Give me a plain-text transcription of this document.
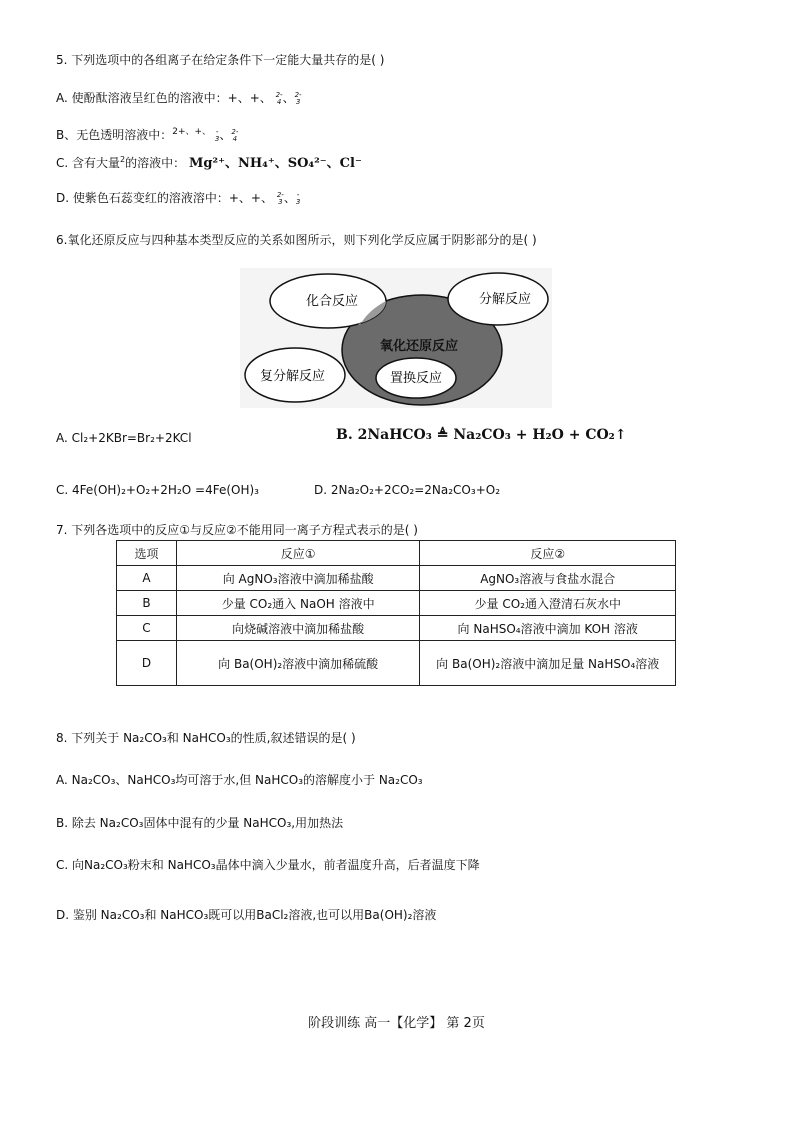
5. 下列选项中的各组离子在给定条件下一定能大量共存的是( )
A. 使酚酞溶液呈红色的溶液中：+、+、 2-
4 、 2-
3
B、无色透明溶液中：$^{2+、+、}$ -
3 、 2-
4
C. 含有大量$^2$的溶液中： Mg²⁺、NH₄⁺、SO₄²⁻、Cl⁻
D. 使紫色石蕊变红的溶液溶中：+、+、 2-
3 、 -
3
6.氧化还原反应与四种基本类型反应的关系如图所示，则下列化学反应属于阴影部分的是( )
化合反应	分解反应
氧化还原反应
置换反应
复分解反应
A. Cl₂+2KBr=Br₂+2KCl	B. 2NaHCO₃ ≜ Na₂CO₃ + H₂O + CO₂↑
C. 4Fe(OH)₂+O₂+2H₂O =4Fe(OH)₃	D. 2Na₂O₂+2CO₂=2Na₂CO₃+O₂
7. 下列各选项中的反应①与反应②不能用同一离子方程式表示的是( )
选项	反应①	反应②
A	向 AgNO₃溶液中滴加稀盐酸	AgNO₃溶液与食盐水混合
B	少量 CO₂通入 NaOH 溶液中	少量 CO₂通入澄清石灰水中
C	向烧碱溶液中滴加稀盐酸	向 NaHSO₄溶液中滴加 KOH 溶液
D	向 Ba(OH)₂溶液中滴加稀硫酸	向 Ba(OH)₂溶液中滴加足量 NaHSO₄溶液
8. 下列关于 Na₂CO₃和 NaHCO₃的性质,叙述错误的是( )
A. Na₂CO₃、NaHCO₃均可溶于水,但 NaHCO₃的溶解度小于 Na₂CO₃
B. 除去 Na₂CO₃固体中混有的少量 NaHCO₃,用加热法
C. 向Na₂CO₃粉末和 NaHCO₃晶体中滴入少量水，前者温度升高，后者温度下降
D. 鉴别 Na₂CO₃和 NaHCO₃既可以用BaCl₂溶液,也可以用Ba(OH)₂溶液
阶段训练 高一【化学】 第 2页
